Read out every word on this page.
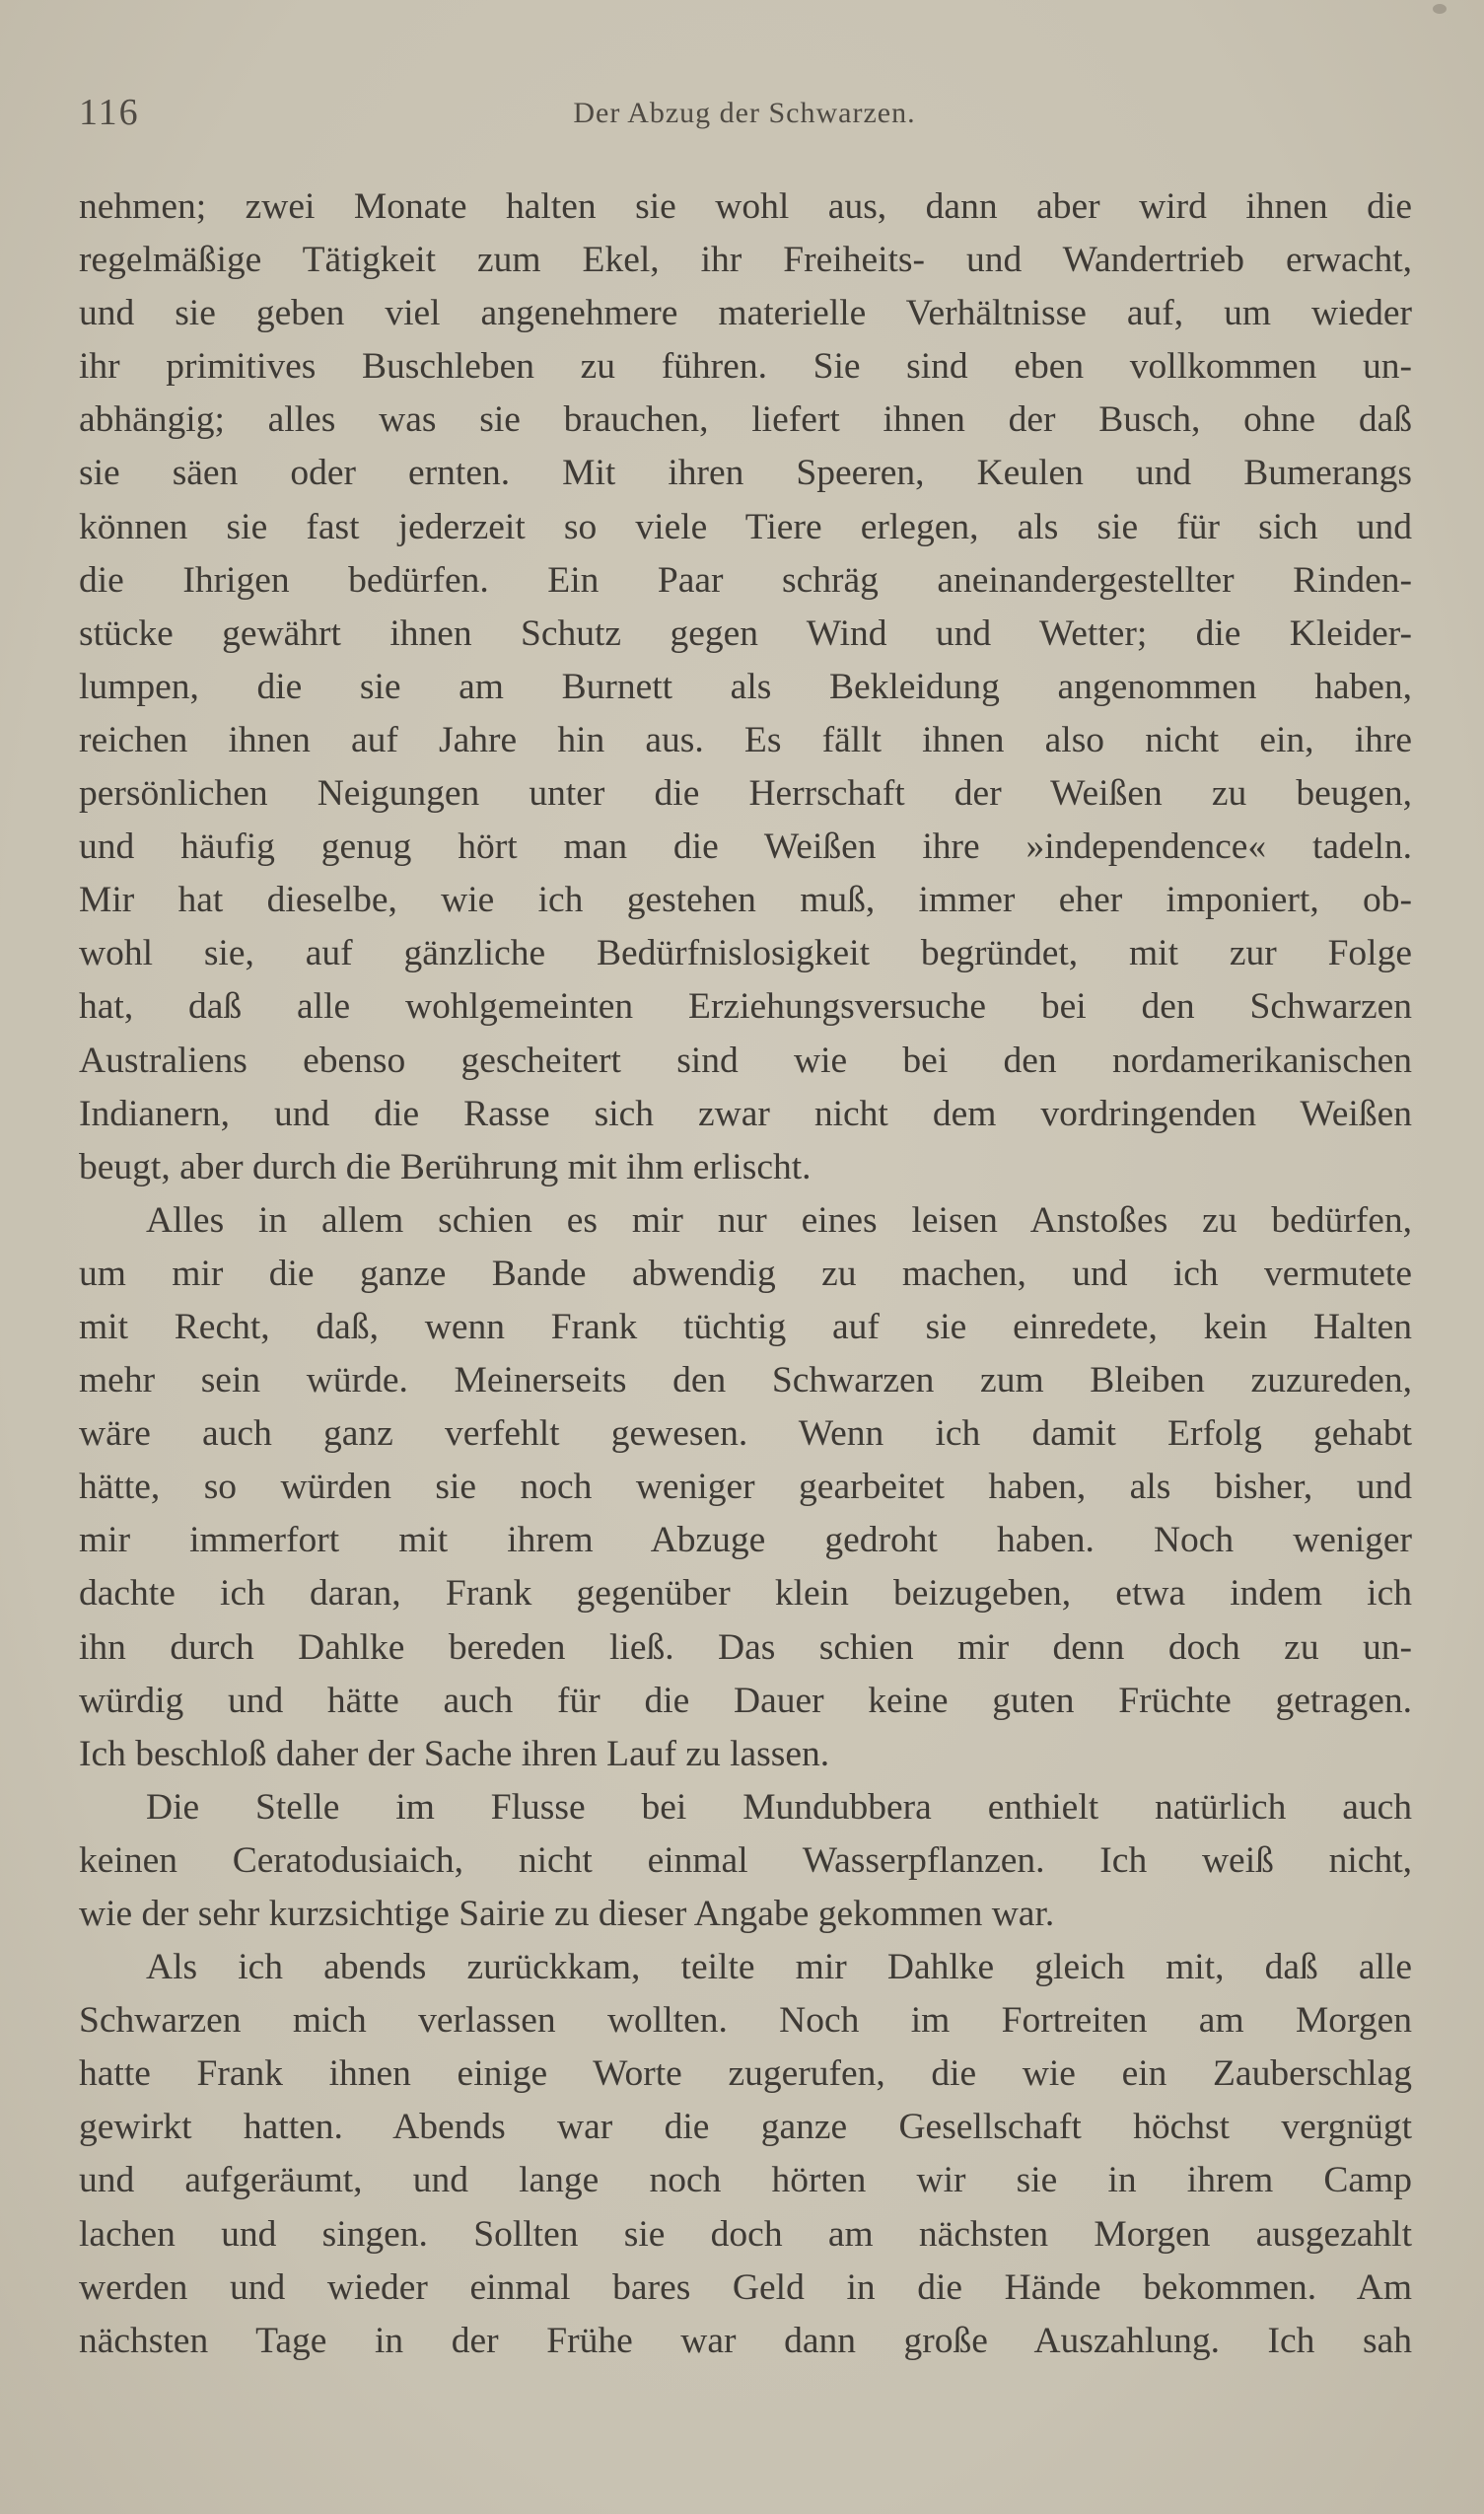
116	Der Abzug der Schwarzen.
nehmen; zwei Monate halten sie wohl aus, dann aber wird ihnen die
regelmäßige Tätigkeit zum Ekel, ihr Freiheits- und Wandertrieb erwacht,
und sie geben viel angenehmere materielle Verhältnisse auf, um wieder
ihr primitives Buschleben zu führen. Sie sind eben vollkommen un-
abhängig; alles was sie brauchen, liefert ihnen der Busch, ohne daß
sie säen oder ernten. Mit ihren Speeren, Keulen und Bumerangs
können sie fast jederzeit so viele Tiere erlegen, als sie für sich und
die Ihrigen bedürfen. Ein Paar schräg aneinandergestellter Rinden-
stücke gewährt ihnen Schutz gegen Wind und Wetter; die Kleider-
lumpen, die sie am Burnett als Bekleidung angenommen haben,
reichen ihnen auf Jahre hin aus. Es fällt ihnen also nicht ein, ihre
persönlichen Neigungen unter die Herrschaft der Weißen zu beugen,
und häufig genug hört man die Weißen ihre »independence« tadeln.
Mir hat dieselbe, wie ich gestehen muß, immer eher imponiert, ob-
wohl sie, auf gänzliche Bedürfnislosigkeit begründet, mit zur Folge
hat, daß alle wohlgemeinten Erziehungsversuche bei den Schwarzen
Australiens ebenso gescheitert sind wie bei den nordamerikanischen
Indianern, und die Rasse sich zwar nicht dem vordringenden Weißen
beugt, aber durch die Berührung mit ihm erlischt.
Alles in allem schien es mir nur eines leisen Anstoßes zu bedürfen,
um mir die ganze Bande abwendig zu machen, und ich vermutete
mit Recht, daß, wenn Frank tüchtig auf sie einredete, kein Halten
mehr sein würde. Meinerseits den Schwarzen zum Bleiben zuzureden,
wäre auch ganz verfehlt gewesen. Wenn ich damit Erfolg gehabt
hätte, so würden sie noch weniger gearbeitet haben, als bisher, und
mir immerfort mit ihrem Abzuge gedroht haben. Noch weniger
dachte ich daran, Frank gegenüber klein beizugeben, etwa indem ich
ihn durch Dahlke bereden ließ. Das schien mir denn doch zu un-
würdig und hätte auch für die Dauer keine guten Früchte getragen.
Ich beschloß daher der Sache ihren Lauf zu lassen.
Die Stelle im Flusse bei Mundubbera enthielt natürlich auch
keinen Ceratodusiaich, nicht einmal Wasserpflanzen. Ich weiß nicht,
wie der sehr kurzsichtige Sairie zu dieser Angabe gekommen war.
Als ich abends zurückkam, teilte mir Dahlke gleich mit, daß alle
Schwarzen mich verlassen wollten. Noch im Fortreiten am Morgen
hatte Frank ihnen einige Worte zugerufen, die wie ein Zauberschlag
gewirkt hatten. Abends war die ganze Gesellschaft höchst vergnügt
und aufgeräumt, und lange noch hörten wir sie in ihrem Camp
lachen und singen. Sollten sie doch am nächsten Morgen ausgezahlt
werden und wieder einmal bares Geld in die Hände bekommen. Am
nächsten Tage in der Frühe war dann große Auszahlung. Ich sah
